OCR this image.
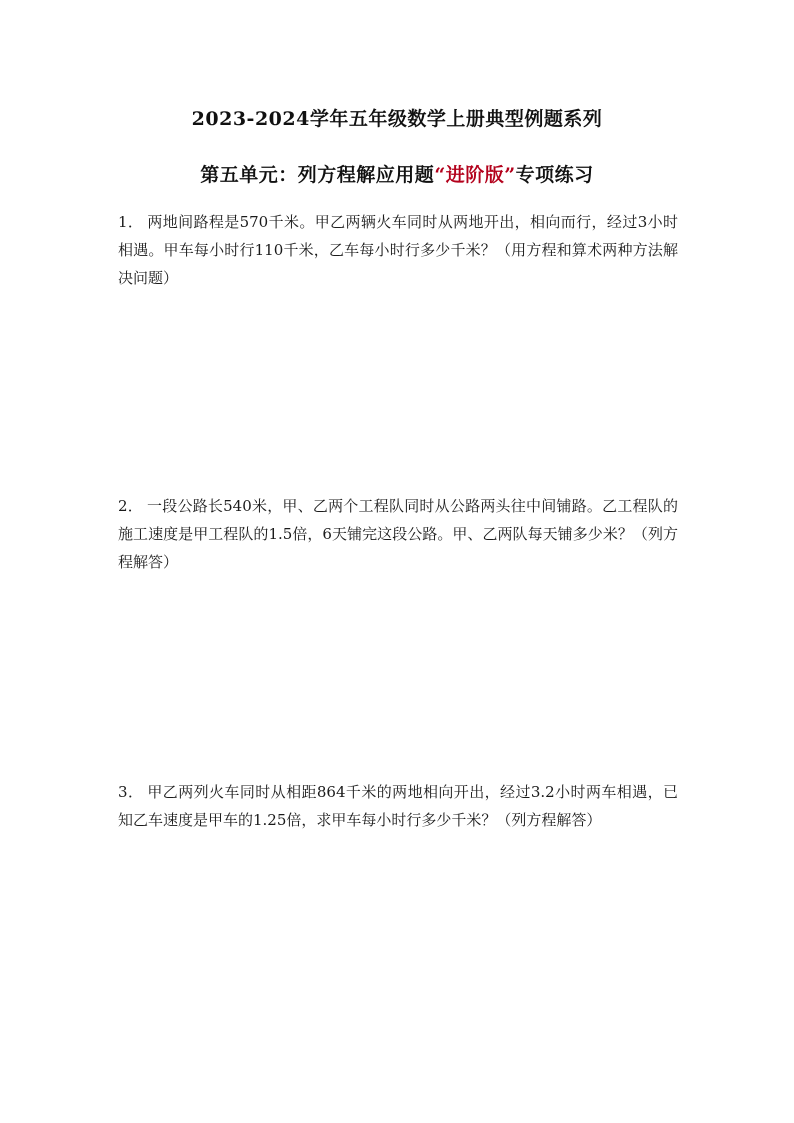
2023-2024学年五年级数学上册典型例题系列
第五单元：列方程解应用题“进阶版”专项练习

1． 两地间路程是570千米。甲乙两辆火车同时从两地开出，相向而行，经过3小时相遇。甲车每小时行110千米，乙车每小时行多少千米？（用方程和算术两种方法解决问题）

2． 一段公路长540米，甲、乙两个工程队同时从公路两头往中间铺路。乙工程队的施工速度是甲工程队的1.5倍，6天铺完这段公路。甲、乙两队每天铺多少米？（列方程解答）

3． 甲乙两列火车同时从相距864千米的两地相向开出，经过3.2小时两车相遇，已知乙车速度是甲车的1.25倍，求甲车每小时行多少千米？（列方程解答）
